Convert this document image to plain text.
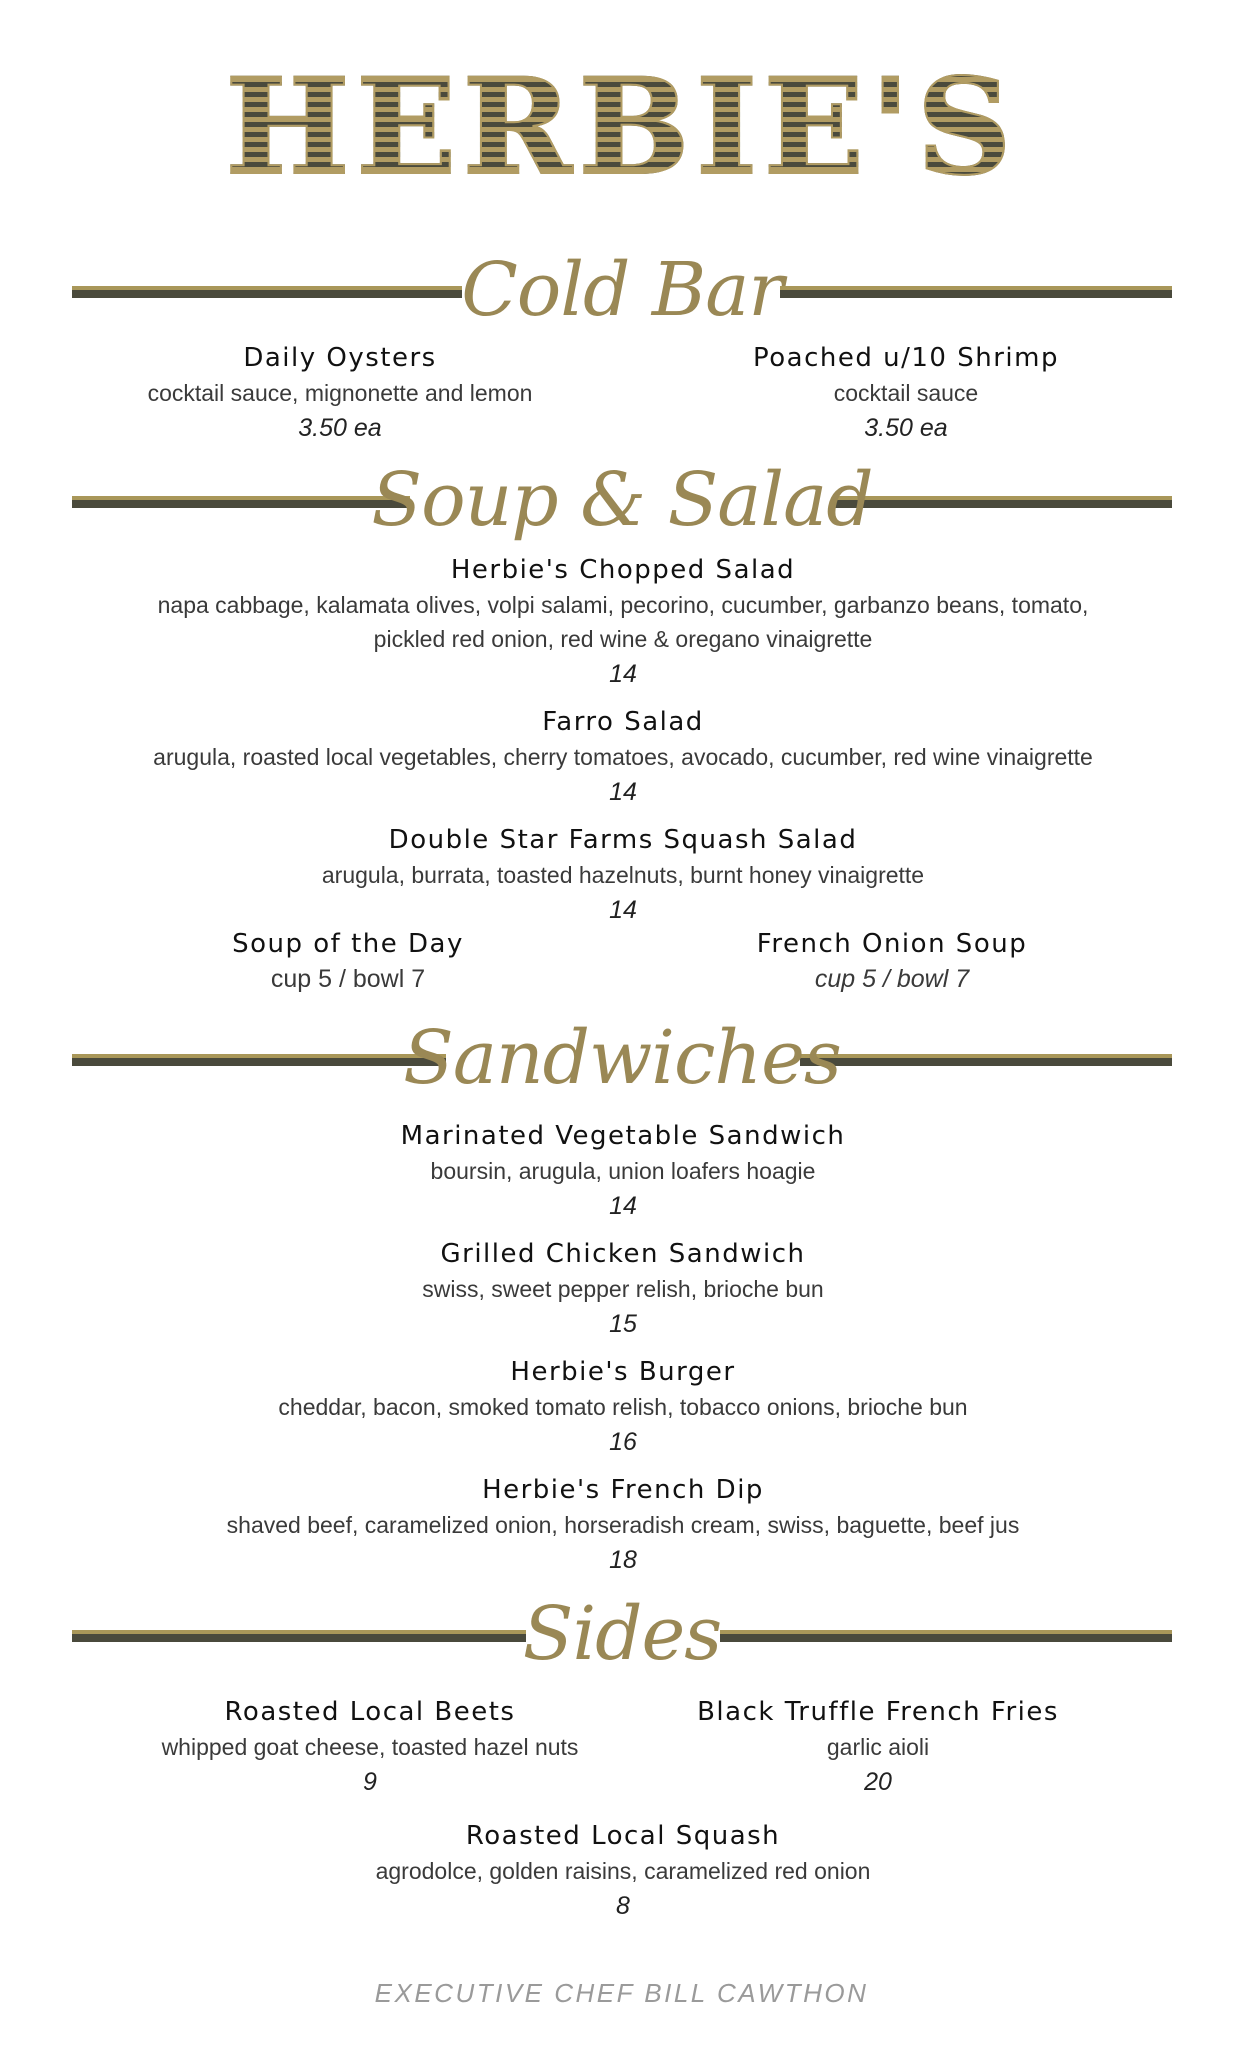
HERBIE'S
Cold Bar
Daily Oysters
cocktail sauce, mignonette and lemon
3.50 ea
Poached u/10 Shrimp
cocktail sauce
3.50 ea
Soup & Salad
Herbie's Chopped Salad
napa cabbage, kalamata olives, volpi salami, pecorino, cucumber, garbanzo beans, tomato,
pickled red onion, red wine & oregano vinaigrette
14
Farro Salad
arugula, roasted local vegetables, cherry tomatoes, avocado, cucumber, red wine vinaigrette
14
Double Star Farms Squash Salad
arugula, burrata, toasted hazelnuts, burnt honey vinaigrette
14
Soup of the Day
cup 5 / bowl 7
French Onion Soup
cup 5 / bowl 7
Sandwiches
Marinated Vegetable Sandwich
boursin, arugula, union loafers hoagie
14
Grilled Chicken Sandwich
swiss, sweet pepper relish, brioche bun
15
Herbie's Burger
cheddar, bacon, smoked tomato relish, tobacco onions, brioche bun
16
Herbie's French Dip
shaved beef, caramelized onion, horseradish cream, swiss, baguette, beef jus
18
Sides
Roasted Local Beets
whipped goat cheese, toasted hazel nuts
9
Black Truffle French Fries
garlic aioli
20
Roasted Local Squash
agrodolce, golden raisins, caramelized red onion
8
EXECUTIVE CHEF BILL CAWTHON
